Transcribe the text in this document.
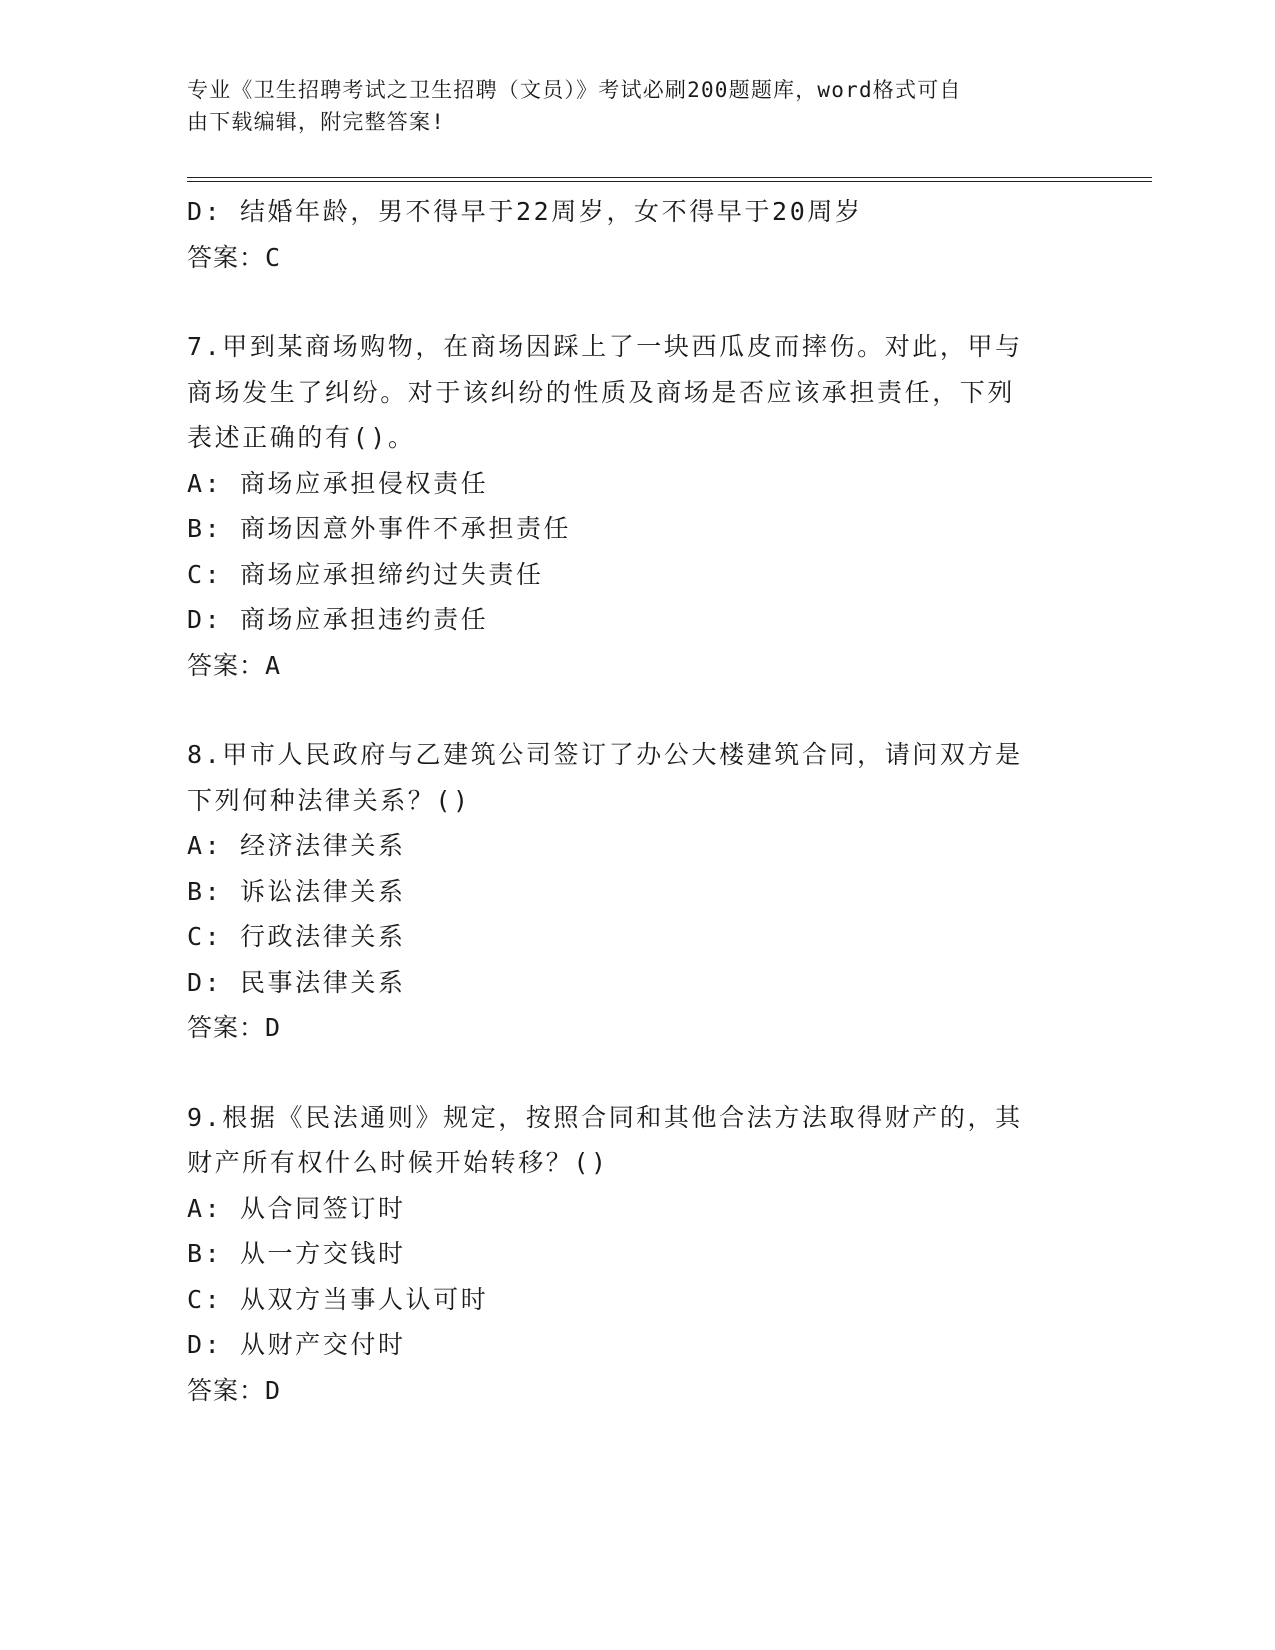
专业《卫生招聘考试之卫生招聘（文员）》考试必刷200题题库，word格式可自
由下载编辑，附完整答案!
D: 结婚年龄，男不得早于22周岁，女不得早于20周岁
答案：C
7.甲到某商场购物，在商场因踩上了一块西瓜皮而摔伤。对此，甲与
商场发生了纠纷。对于该纠纷的性质及商场是否应该承担责任，下列
表述正确的有()。
A: 商场应承担侵权责任
B: 商场因意外事件不承担责任
C: 商场应承担缔约过失责任
D: 商场应承担违约责任
答案：A
8.甲市人民政府与乙建筑公司签订了办公大楼建筑合同，请问双方是
下列何种法律关系？()
A: 经济法律关系
B: 诉讼法律关系
C: 行政法律关系
D: 民事法律关系
答案：D
9.根据《民法通则》规定，按照合同和其他合法方法取得财产的，其
财产所有权什么时候开始转移？()
A: 从合同签订时
B: 从一方交钱时
C: 从双方当事人认可时
D: 从财产交付时
答案：D
